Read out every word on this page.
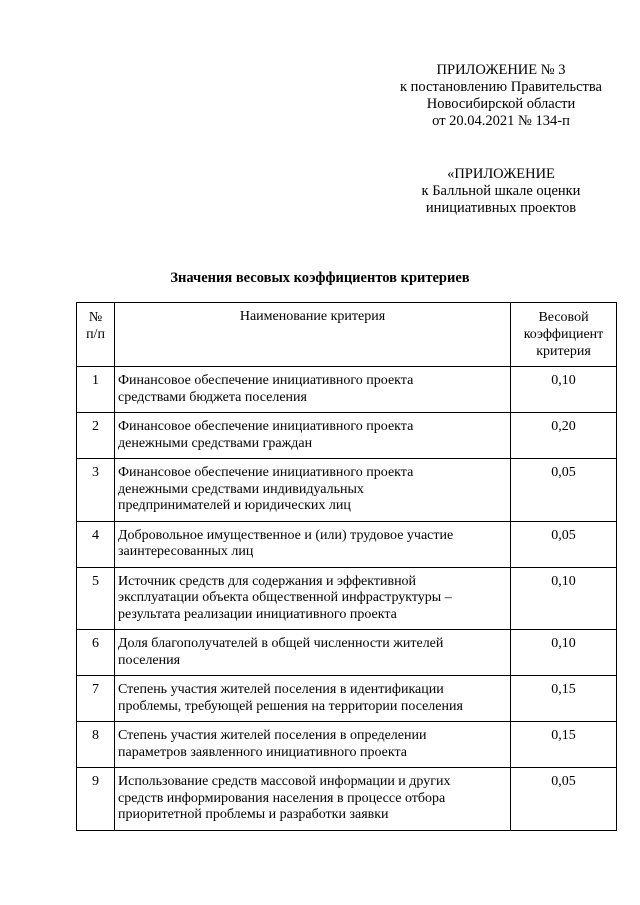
ПРИЛОЖЕНИЕ № 3
к постановлению Правительства
Новосибирской области
от 20.04.2021 № 134-п
«ПРИЛОЖЕНИЕ
к Балльной шкале оценки
инициативных проектов
Значения весовых коэффициентов критериев
№
п/п	Наименование критерия	Весовой
коэффициент
критерия

1	Финансовое обеспечение инициативного проекта
средствами бюджета поселения	0,10
2	Финансовое обеспечение инициативного проекта
денежными средствами граждан	0,20
3	Финансовое обеспечение инициативного проекта
денежными средствами индивидуальных
предпринимателей и юридических лиц	0,05
4	Добровольное имущественное и (или) трудовое участие
заинтересованных лиц	0,05
5	Источник средств для содержания и эффективной
эксплуатации объекта общественной инфраструктуры –
результата реализации инициативного проекта	0,10
6	Доля благополучателей в общей численности жителей
поселения	0,10
7	Степень участия жителей поселения в идентификации
проблемы, требующей решения на территории поселения	0,15
8	Степень участия жителей поселения в определении
параметров заявленного инициативного проекта	0,15
9	Использование средств массовой информации и других
средств информирования населения в процессе отбора
приоритетной проблемы и разработки заявки	0,05
